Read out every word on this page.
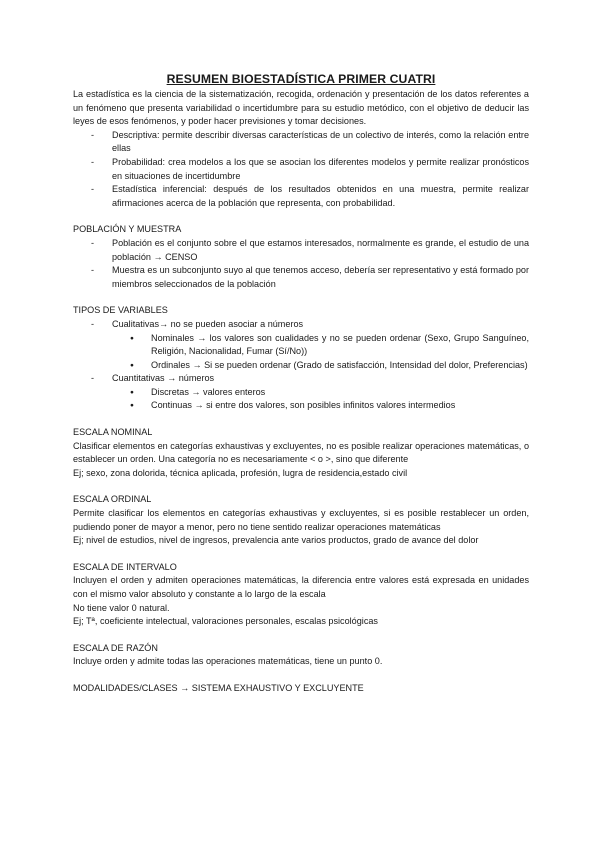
RESUMEN BIOESTADÍSTICA PRIMER CUATRI

La estadística es la ciencia de la sistematización, recogida, ordenación y presentación de los datos referentes a un fenómeno que presenta variabilidad o incertidumbre para su estudio metódico, con el objetivo de deducir las leyes de esos fenómenos, y poder hacer previsiones y tomar decisiones.

- Descriptiva: permite describir diversas características de un colectivo de interés, como la relación entre ellas
- Probabilidad: crea modelos a los que se asocian los diferentes modelos y permite realizar pronósticos en situaciones de incertidumbre
- Estadística inferencial: después de los resultados obtenidos en una muestra, permite realizar afirmaciones acerca de la población que representa, con probabilidad.

POBLACIÓN Y MUESTRA

- Población es el conjunto sobre el que estamos interesados, normalmente es grande, el estudio de una población → CENSO
- Muestra es un subconjunto suyo al que tenemos acceso, debería ser representativo y está formado por miembros seleccionados de la población

TIPOS DE VARIABLES

- Cualitativas→ no se pueden asociar a números
● Nominales → los valores son cualidades y no se pueden ordenar (Sexo, Grupo Sanguíneo, Religión, Nacionalidad, Fumar (Sí/No))
● Ordinales → Si se pueden ordenar (Grado de satisfacción, Intensidad del dolor, Preferencias)
- Cuantitativas → números
● Discretas → valores enteros
● Continuas → si entre dos valores, son posibles infinitos valores intermedios

ESCALA NOMINAL

Clasificar elementos en categorías exhaustivas y excluyentes, no es posible realizar operaciones matemáticas, o establecer un orden. Una categoría no es necesariamente < o >, sino que diferente

Ej; sexo, zona dolorida, técnica aplicada, profesión, lugra de residencia,estado civil

ESCALA ORDINAL

Permite clasificar los elementos en categorías exhaustivas y excluyentes, si es posible restablecer un orden, pudiendo poner de mayor a menor, pero no tiene sentido realizar operaciones matemáticas

Ej; nivel de estudios, nivel de ingresos, prevalencia ante varios productos, grado de avance del dolor

ESCALA DE INTERVALO

Incluyen el orden y admiten operaciones matemáticas, la diferencia entre valores está expresada en unidades con el mismo valor absoluto y constante a lo largo de la escala

No tiene valor 0 natural.

Ej; Tª, coeficiente intelectual, valoraciones personales, escalas psicológicas

ESCALA DE RAZÓN

Incluye orden y admite todas las operaciones matemáticas, tiene un punto 0.

MODALIDADES/CLASES → SISTEMA EXHAUSTIVO Y EXCLUYENTE
